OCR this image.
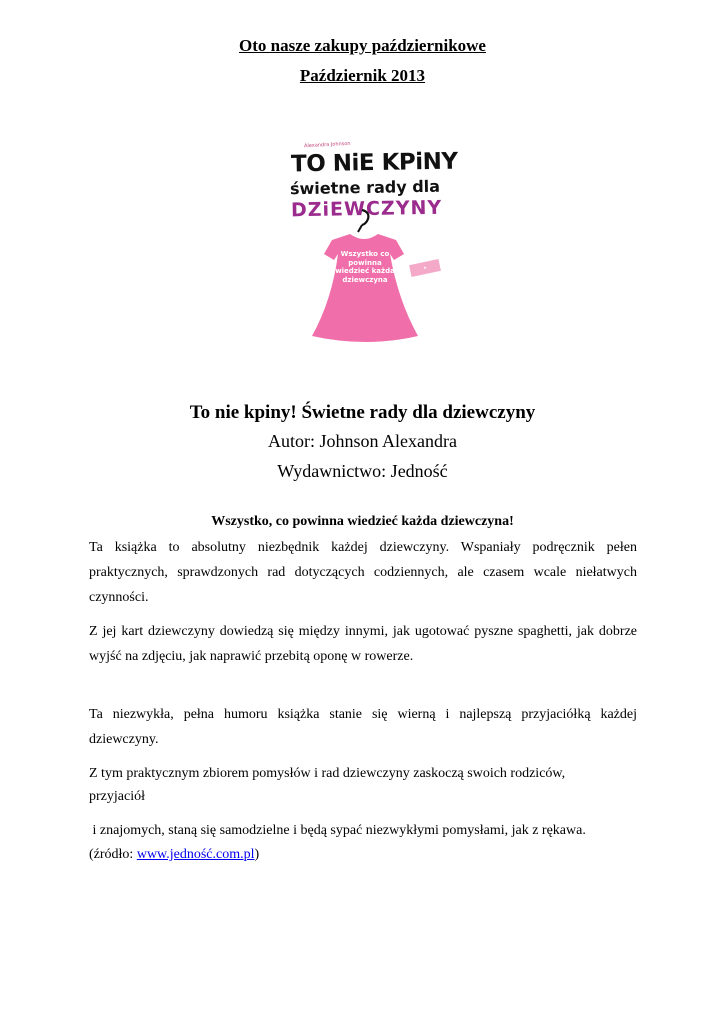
Oto nasze zakupy październikowe
Październik 2013
Alexandra Johnson
TO NiE KPiNY
świetne rady dla
DZiEWCZYNY
Wszystko co powinna wiedzieć każda dziewczyna
★
To nie kpiny! Świetne rady dla dziewczyny
Autor: Johnson Alexandra
Wydawnictwo: Jedność
Wszystko, co powinna wiedzieć każda dziewczyna!
Ta książka to absolutny niezbędnik każdej dziewczyny. Wspaniały podręcznik pełen praktycznych, sprawdzonych rad dotyczących codziennych, ale czasem wcale niełatwych czynności.
Z jej kart dziewczyny dowiedzą się między innymi, jak ugotować pyszne spaghetti, jak dobrze wyjść na zdjęciu, jak naprawić przebitą oponę w rowerze.
Ta niezwykła, pełna humoru książka stanie się wierną i najlepszą przyjaciółką każdej dziewczyny.
Z tym praktycznym zbiorem pomysłów i rad dziewczyny zaskoczą swoich rodziców,
przyjaciół
i znajomych, staną się samodzielne i będą sypać niezwykłymi pomysłami, jak z rękawa.
(źródło: www.jedność.com.pl)
